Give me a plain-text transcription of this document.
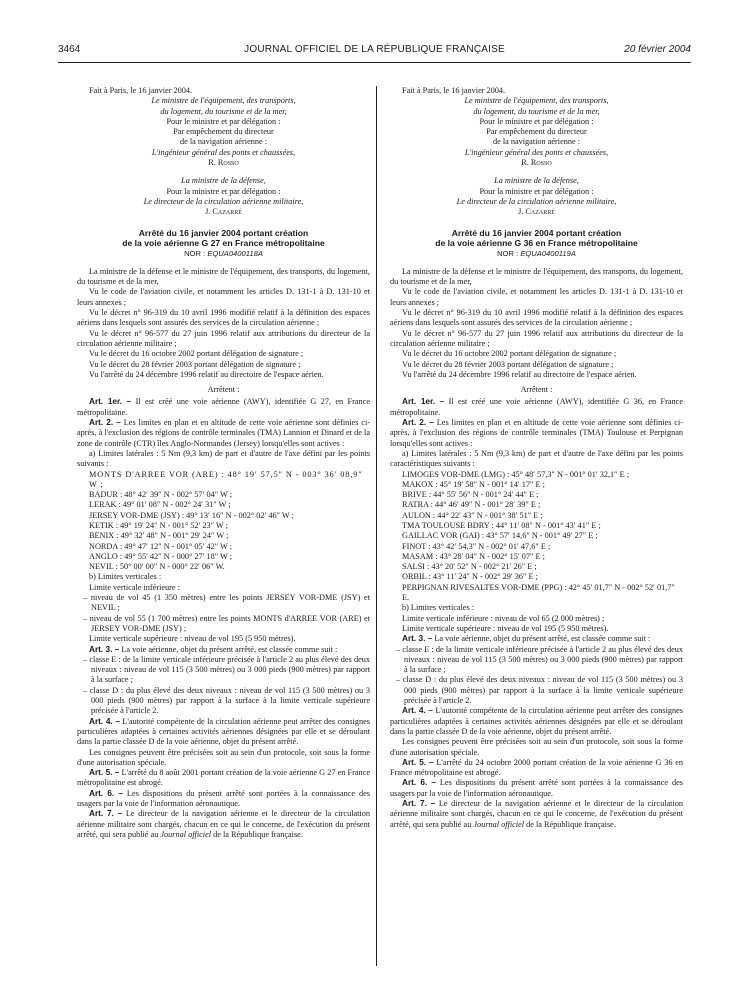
3464	JOURNAL OFFICIEL DE LA RÉPUBLIQUE FRANÇAISE	20 février 2004

Fait à Paris, le 16 janvier 2004.

Le ministre de l'équipement, des transports,

du logement, du tourisme et de la mer,

Pour le ministre et par délégation :

Par empêchement du directeur

de la navigation aérienne :

L'ingénieur général des ponts et chaussées,

R. Rosso

La ministre de la défense,

Pour la ministre et par délégation :

Le directeur de la circulation aérienne militaire,

J. Cazarré

Arrêté du 16 janvier 2004 portant création
de la voie aérienne G 27 en France métropolitaine

NOR : EQUA0400118A

La ministre de la défense et le ministre de l'équipement, des transports, du logement, du tourisme et de la mer,

Vu le code de l'aviation civile, et notamment les articles D. 131-1 à D. 131-10 et leurs annexes ;

Vu le décret n° 96-319 du 10 avril 1996 modifié relatif à la définition des espaces aériens dans lesquels sont assurés des services de la circulation aérienne ;

Vu le décret n° 96-577 du 27 juin 1996 relatif aux attributions du directeur de la circulation aérienne militaire ;

Vu le décret du 16 octobre 2002 portant délégation de signature ;

Vu le décret du 28 février 2003 portant délégation de signature ;

Vu l'arrêté du 24 décembre 1996 relatif au directoire de l'espace aérien.

Arrêtent :

Art. 1er. – Il est créé une voie aérienne (AWY), identifiée G 27, en France métropolitaine.

Art. 2. – Les limites en plan et en altitude de cette voie aérienne sont définies ci-après, à l'exclusion des régions de contrôle terminales (TMA) Lannion et Dinard et de la zone de contrôle (CTR) îles Anglo-Normandes (Jersey) lorsqu'elles sont actives :

a) Limites latérales : 5 Nm (9,3 km) de part et d'autre de l'axe défini par les points suivants :

MONTS D'ARREE VOR (ARE) : 48° 19′ 57,5″ N - 003° 36′ 08,9″ W ;

BADUR : 48° 42′ 39″ N - 002° 57′ 04″ W ;

LERAK : 49° 01′ 08″ N - 002° 24′ 31″ W ;

JERSEY VOR-DME (JSY) : 49° 13′ 16″ N - 002° 02′ 46″ W ;

KETIK : 49° 19′ 24″ N - 001° 52′ 23″ W ;

BENIX : 49° 32′ 48″ N - 001° 29′ 24″ W ;

NORDA : 49° 47′ 12″ N - 001° 05′ 42″ W ;

ANGLO : 49° 55′ 42″ N - 000° 27′ 18″ W ;

NEVIL : 50° 00′ 00″ N - 000° 22′ 06″ W.

b) Limites verticales :

Limite verticale inférieure :

– niveau de vol 45 (1 350 mètres) entre les points JERSEY VOR-DME (JSY) et NEVIL ;

– niveau de vol 55 (1 700 mètres) entre les points MONTS d'ARREE VOR (ARE) et JERSEY VOR-DME (JSY) ;

Limite verticale supérieure : niveau de vol 195 (5 950 mètres).

Art. 3. – La voie aérienne, objet du présent arrêté, est classée comme suit :

– classe E : de la limite verticale inférieure précisée à l'article 2 au plus élevé des deux niveaux : niveau de vol 115 (3 500 mètres) ou 3 000 pieds (900 mètres) par rapport à la surface ;

– classe D : du plus élevé des deux niveaux : niveau de vol 115 (3 500 mètres) ou 3 000 pieds (900 mètres) par rapport à la surface à la limite verticale supérieure précisée à l'article 2.

Art. 4. – L'autorité compétente de la circulation aérienne peut arrêter des consignes particulières adaptées à certaines activités aériennes désignées par elle et se déroulant dans la partie classée D de la voie aérienne, objet du présent arrêté.

Les consignes peuvent être précisées soit au sein d'un protocole, soit sous la forme d'une autorisation spéciale.

Art. 5. – L'arrêté du 8 août 2001 portant création de la voie aérienne G 27 en France métropolitaine est abrogé.

Art. 6. – Les dispositions du présent arrêté sont portées à la connaissance des usagers par la voie de l'information aéronautique.

Art. 7. – Le directeur de la navigation aérienne et le directeur de la circulation aérienne militaire sont chargés, chacun en ce qui le concerne, de l'exécution du présent arrêté, qui sera publié au Journal officiel de la République française.

Fait à Paris, le 16 janvier 2004.

Le ministre de l'équipement, des transports,

du logement, du tourisme et de la mer,

Pour le ministre et par délégation :

Par empêchement du directeur

de la navigation aérienne :

L'ingénieur général des ponts et chaussées,

R. Rosso

La ministre de la défense,

Pour la ministre et par délégation :

Le directeur de la circulation aérienne militaire,

J. Cazarré

Arrêté du 16 janvier 2004 portant création
de la voie aérienne G 36 en France métropolitaine

NOR : EQUA0400119A

La ministre de la défense et le ministre de l'équipement, des transports, du logement, du tourisme et de la mer,

Vu le code de l'aviation civile, et notamment les articles D. 131-1 à D. 131-10 et leurs annexes ;

Vu le décret n° 96-319 du 10 avril 1996 modifié relatif à la définition des espaces aériens dans lesquels sont assurés des services de la circulation aérienne ;

Vu le décret n° 96-577 du 27 juin 1996 relatif aux attributions du directeur de la circulation aérienne militaire ;

Vu le décret du 16 octobre 2002 portant délégation de signature ;

Vu le décret du 28 février 2003 portant délégation de signature ;

Vu l'arrêté du 24 décembre 1996 relatif au directoire de l'espace aérien.

Arrêtent :

Art. 1er. – Il est créé une voie aérienne (AWY), identifiée G 36, en France métropolitaine.

Art. 2. – Les limites en plan et en altitude de cette voie aérienne sont définies ci-après, à l'exclusion des régions de contrôle terminales (TMA) Toulouse et Perpignan lorsqu'elles sont actives :

a) Limites latérales : 5 Nm (9,3 km) de part et d'autre de l'axe défini par les points caractéristiques suivants :

LIMOGES VOR-DME (LMG) : 45° 48′ 57,3″ N - 001° 01′ 32,1″ E ;

MAKOX : 45° 19′ 58″ N - 001° 14′ 17″ E ;

BRIVE : 44° 55′ 56″ N - 001° 24′ 44″ E ;

RATRA : 44° 46′ 49″ N - 001° 28′ 39″ E ;

AULON : 44° 22′ 43″ N - 001° 38′ 51″ E ;

TMA TOULOUSE BDRY : 44° 11′ 08″ N - 001° 43′ 41″ E ;

GAILLAC VOR (GAI) : 43° 57′ 14,6″ N - 001° 49′ 27″ E ;

FINOT : 43° 42′ 54,3″ N - 002° 01′ 47,6″ E ;

MASAM : 43° 28′ 04″ N - 002° 15′ 07″ E ;

SALSI : 43° 20′ 52″ N - 002° 21′ 26″ E ;

ORBIL : 43° 11′ 24″ N - 002° 29′ 36″ E ;

PERPIGNAN RIVESALTES VOR-DME (PPG) : 42° 45′ 01,7″ N - 002° 52′ 01,7″ E.

b) Limites verticales :

Limite verticale inférieure : niveau de vol 65 (2 000 mètres) ;

Limite verticale supérieure : niveau de vol 195 (5 950 mètres).

Art. 3. – La voie aérienne, objet du présent arrêté, est classée comme suit :

– classe E : de la limite verticale inférieure précisée à l'article 2 au plus élevé des deux niveaux : niveau de vol 115 (3 500 mètres) ou 3 000 pieds (900 mètres) par rapport à la surface ;

– classe D : du plus élevé des deux niveaux : niveau de vol 115 (3 500 mètres) ou 3 000 pieds (900 mètres) par rapport à la surface à la limite verticale supérieure précisée à l'article 2.

Art. 4. – L'autorité compétente de la circulation aérienne peut arrêter des consignes particulières adaptées à certaines activités aériennes désignées par elle et se déroulant dans la partie classée D de la voie aérienne, objet du présent arrêté.

Les consignes peuvent être précisées soit au sein d'un protocole, soit sous la forme d'une autorisation spéciale.

Art. 5. – L'arrêté du 24 octobre 2000 portant création de la voie aérienne G 36 en France métropolitaine est abrogé.

Art. 6. – Les dispositions du présent arrêté sont portées à la connaissance des usagers par la voie de l'information aéronautique.

Art. 7. – Le directeur de la navigation aérienne et le directeur de la circulation aérienne militaire sont chargés, chacun en ce qui le concerne, de l'exécution du présent arrêté, qui sera publié au Journal officiel de la République française.
